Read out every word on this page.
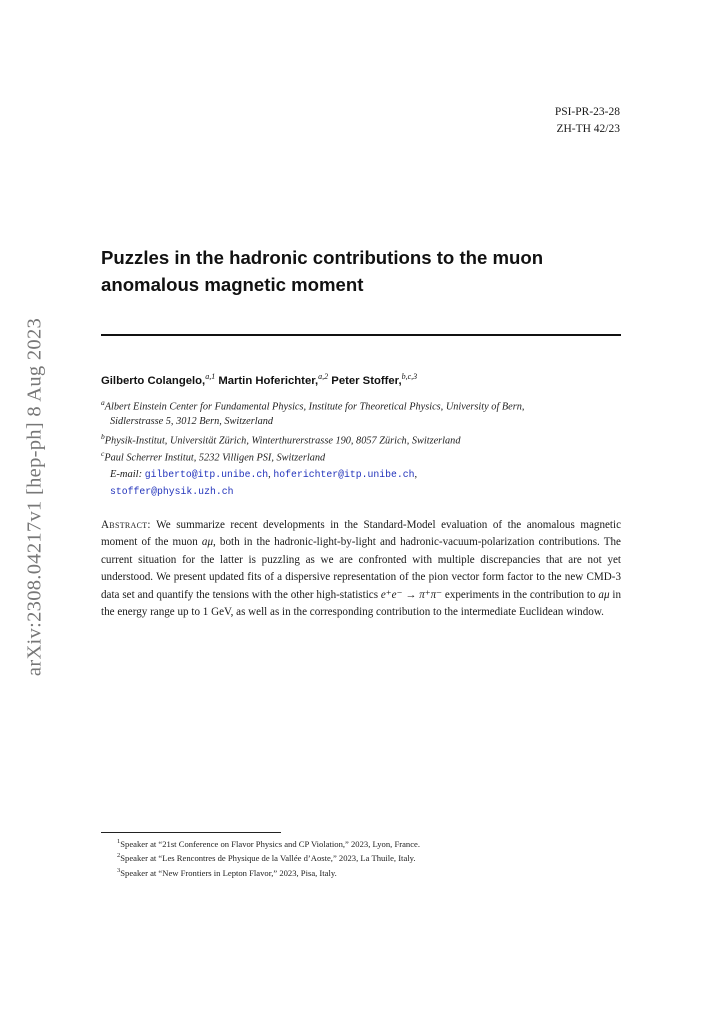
PSI-PR-23-28
ZH-TH 42/23
arXiv:2308.04217v1 [hep-ph] 8 Aug 2023
Puzzles in the hadronic contributions to the muon
anomalous magnetic moment
Gilberto Colangelo,$^{a,1}$ Martin Hoferichter,$^{a,2}$ Peter Stoffer,$^{b,c,3}$
$^a$Albert Einstein Center for Fundamental Physics, Institute for Theoretical Physics, University of Bern,
Sidlerstrasse 5, 3012 Bern, Switzerland
$^b$Physik-Institut, Universität Zürich, Winterthurerstrasse 190, 8057 Zürich, Switzerland
$^c$Paul Scherrer Institut, 5232 Villigen PSI, Switzerland
E-mail: gilberto@itp.unibe.ch, hoferichter@itp.unibe.ch,
stoffer@physik.uzh.ch

Abstract: We summarize recent developments in the Standard-Model evaluation of the anomalous magnetic moment of the muon aμ, both in the hadronic-light-by-light and hadronic-vacuum-polarization contributions. The current situation for the latter is puzzling as we are confronted with multiple discrepancies that are not yet understood. We present updated fits of a dispersive representation of the pion vector form factor to the new CMD-3 data set and quantify the tensions with the other high-statistics e⁺e⁻ → π⁺π⁻ experiments in the contribution to aμ in the energy range up to 1 GeV, as well as in the corresponding contribution to the intermediate Euclidean window.

$^1$Speaker at “21st Conference on Flavor Physics and CP Violation,” 2023, Lyon, France.
$^2$Speaker at “Les Rencontres de Physique de la Vallée d’Aoste,” 2023, La Thuile, Italy.
$^3$Speaker at “New Frontiers in Lepton Flavor,” 2023, Pisa, Italy.
